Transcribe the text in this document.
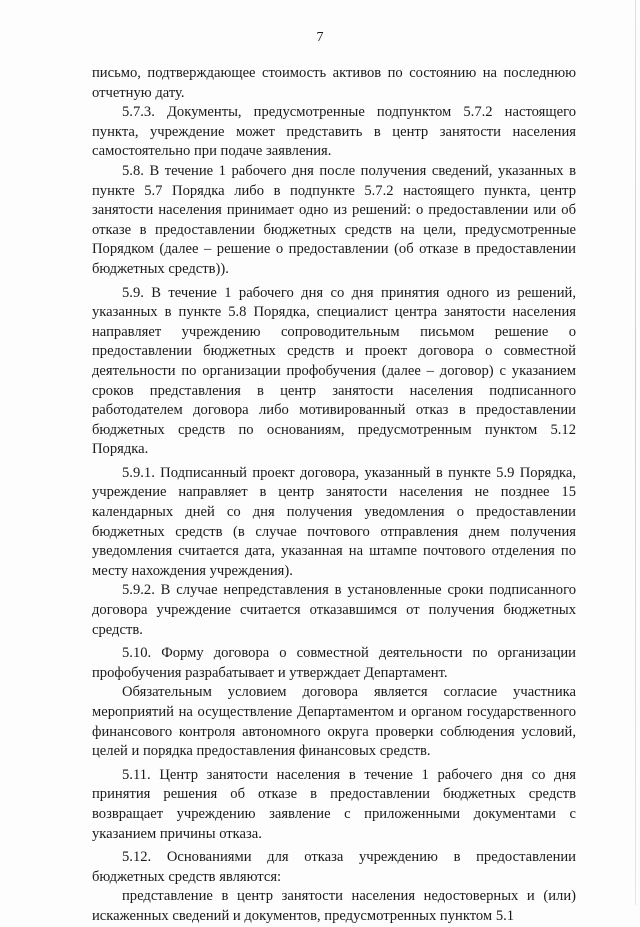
7

письмо, подтверждающее стоимость активов по состоянию на последнюю отчетную дату.

5.7.3. Документы, предусмотренные подпунктом 5.7.2 настоящего пункта, учреждение может представить в центр занятости населения самостоятельно при подаче заявления.

5.8. В течение 1 рабочего дня после получения сведений, указанных в пункте 5.7 Порядка либо в подпункте 5.7.2 настоящего пункта, центр занятости населения принимает одно из решений: о предоставлении или об отказе в предоставлении бюджетных средств на цели, предусмотренные Порядком (далее – решение о предоставлении (об отказе в предоставлении бюджетных средств)).

5.9. В течение 1 рабочего дня со дня принятия одного из решений, указанных в пункте 5.8 Порядка, специалист центра занятости населения направляет учреждению сопроводительным письмом решение о предоставлении бюджетных средств и проект договора о совместной деятельности по организации профобучения (далее – договор) с указанием сроков представления в центр занятости населения подписанного работодателем договора либо мотивированный отказ в предоставлении бюджетных средств по основаниям, предусмотренным пунктом 5.12 Порядка.

5.9.1. Подписанный проект договора, указанный в пункте 5.9 Порядка, учреждение направляет в центр занятости населения не позднее 15 календарных дней со дня получения уведомления о предоставлении бюджетных средств (в случае почтового отправления днем получения уведомления считается дата, указанная на штампе почтового отделения по месту нахождения учреждения).

5.9.2. В случае непредставления в установленные сроки подписанного договора учреждение считается отказавшимся от получения бюджетных средств.

5.10. Форму договора о совместной деятельности по организации профобучения разрабатывает и утверждает Департамент.

Обязательным условием договора является согласие участника мероприятий на осуществление Департаментом и органом государственного финансового контроля автономного округа проверки соблюдения условий, целей и порядка предоставления финансовых средств.

5.11. Центр занятости населения в течение 1 рабочего дня со дня принятия решения об отказе в предоставлении бюджетных средств возвращает учреждению заявление с приложенными документами с указанием причины отказа.

5.12. Основаниями для отказа учреждению в предоставлении бюджетных средств являются:

представление в центр занятости населения недостоверных и (или) искаженных сведений и документов, предусмотренных пунктом 5.1
